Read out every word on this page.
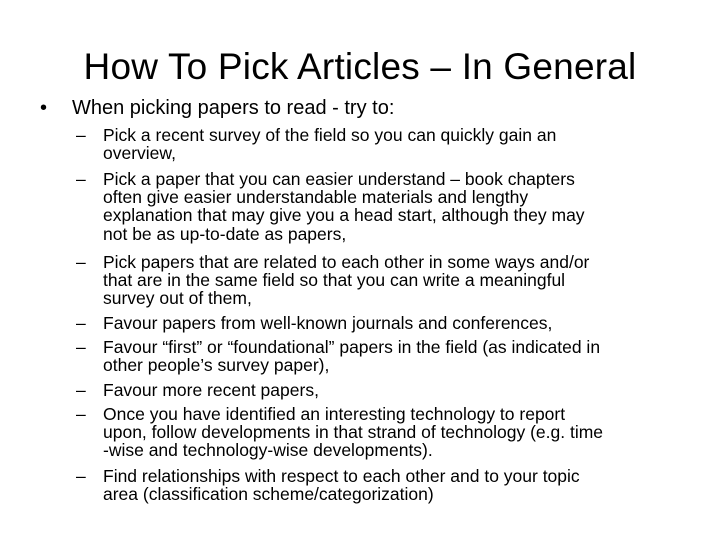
How To Pick Articles – In General
• When picking papers to read - try to:
– Pick a recent survey of the field so you can quickly gain an
overview,
– Pick a paper that you can easier understand – book chapters
often give easier understandable materials and lengthy
explanation that may give you a head start, although they may
not be as up-to-date as papers,
– Pick papers that are related to each other in some ways and/or
that are in the same field so that you can write a meaningful
survey out of them,
– Favour papers from well-known journals and conferences,
– Favour “first” or “foundational” papers in the field (as indicated in
other people’s survey paper),
– Favour more recent papers,
– Once you have identified an interesting technology to report
upon, follow developments in that strand of technology (e.g. time
-wise and technology-wise developments).
– Find relationships with respect to each other and to your topic
area (classification scheme/categorization)
